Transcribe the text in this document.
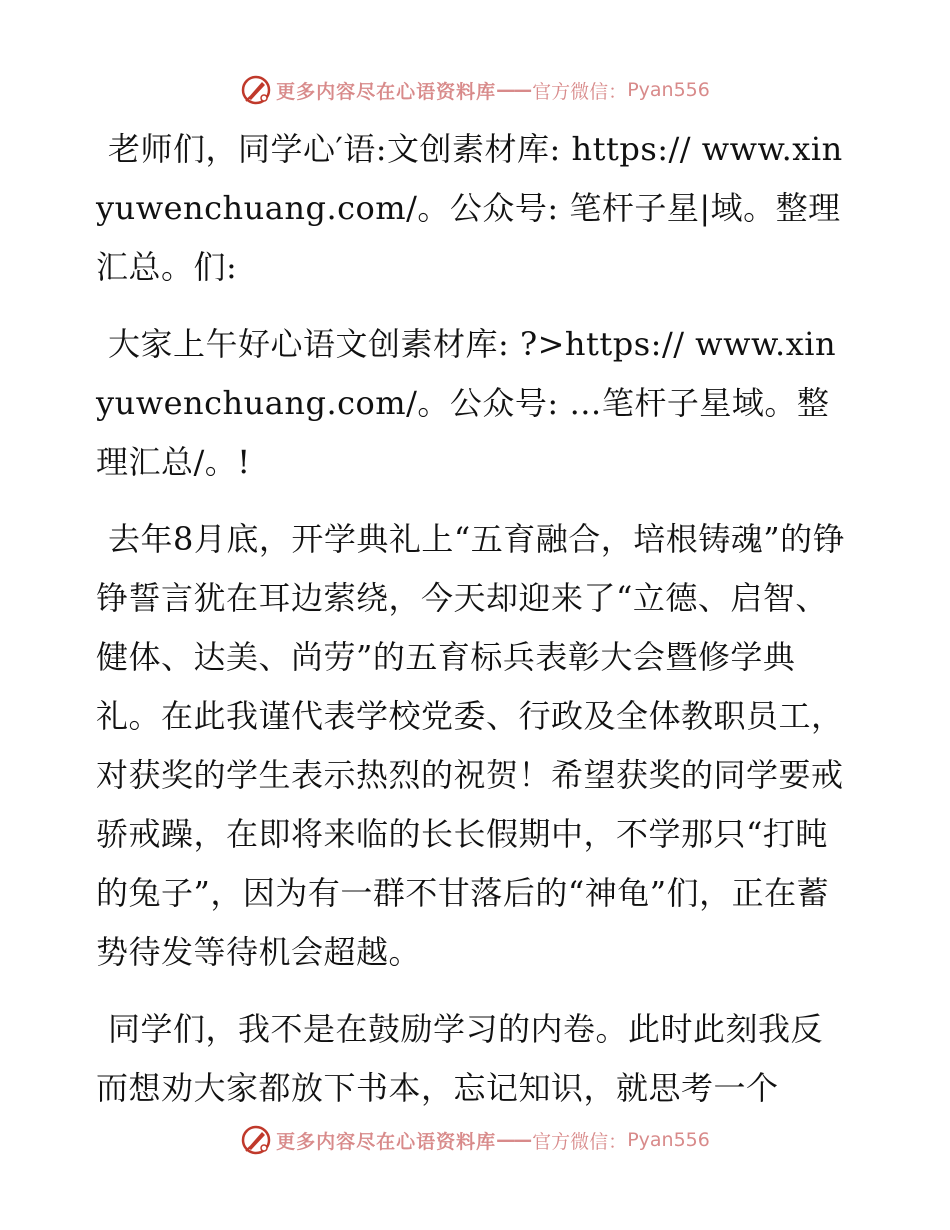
更多内容尽在心语资料库 —— 官方微信： Pyan556

老师们，同学心′语:文创素材库: https:// www.xinyuwenchuang.com/。公众号: 笔杆子星|域。整理汇总。们:

大家上午好心语文创素材库: ?>https:// www.xinyuwenchuang.com/。公众号: …笔杆子星域。整理汇总/。!

去年8月底，开学典礼上“五育融合，培根铸魂”的铮铮誓言犹在耳边萦绕，今天却迎来了“立德、启智、健体、达美、尚劳”的五育标兵表彰大会暨修学典礼。在此我谨代表学校党委、行政及全体教职员工，对获奖的学生表示热烈的祝贺！希望获奖的同学要戒骄戒躁，在即将来临的长长假期中，不学那只“打盹的兔子”，因为有一群不甘落后的“神龟”们，正在蓄势待发等待机会超越。

同学们，我不是在鼓励学习的内卷。此时此刻我反而想劝大家都放下书本，忘记知识，就思考一个

更多内容尽在心语资料库 —— 官方微信： Pyan556
